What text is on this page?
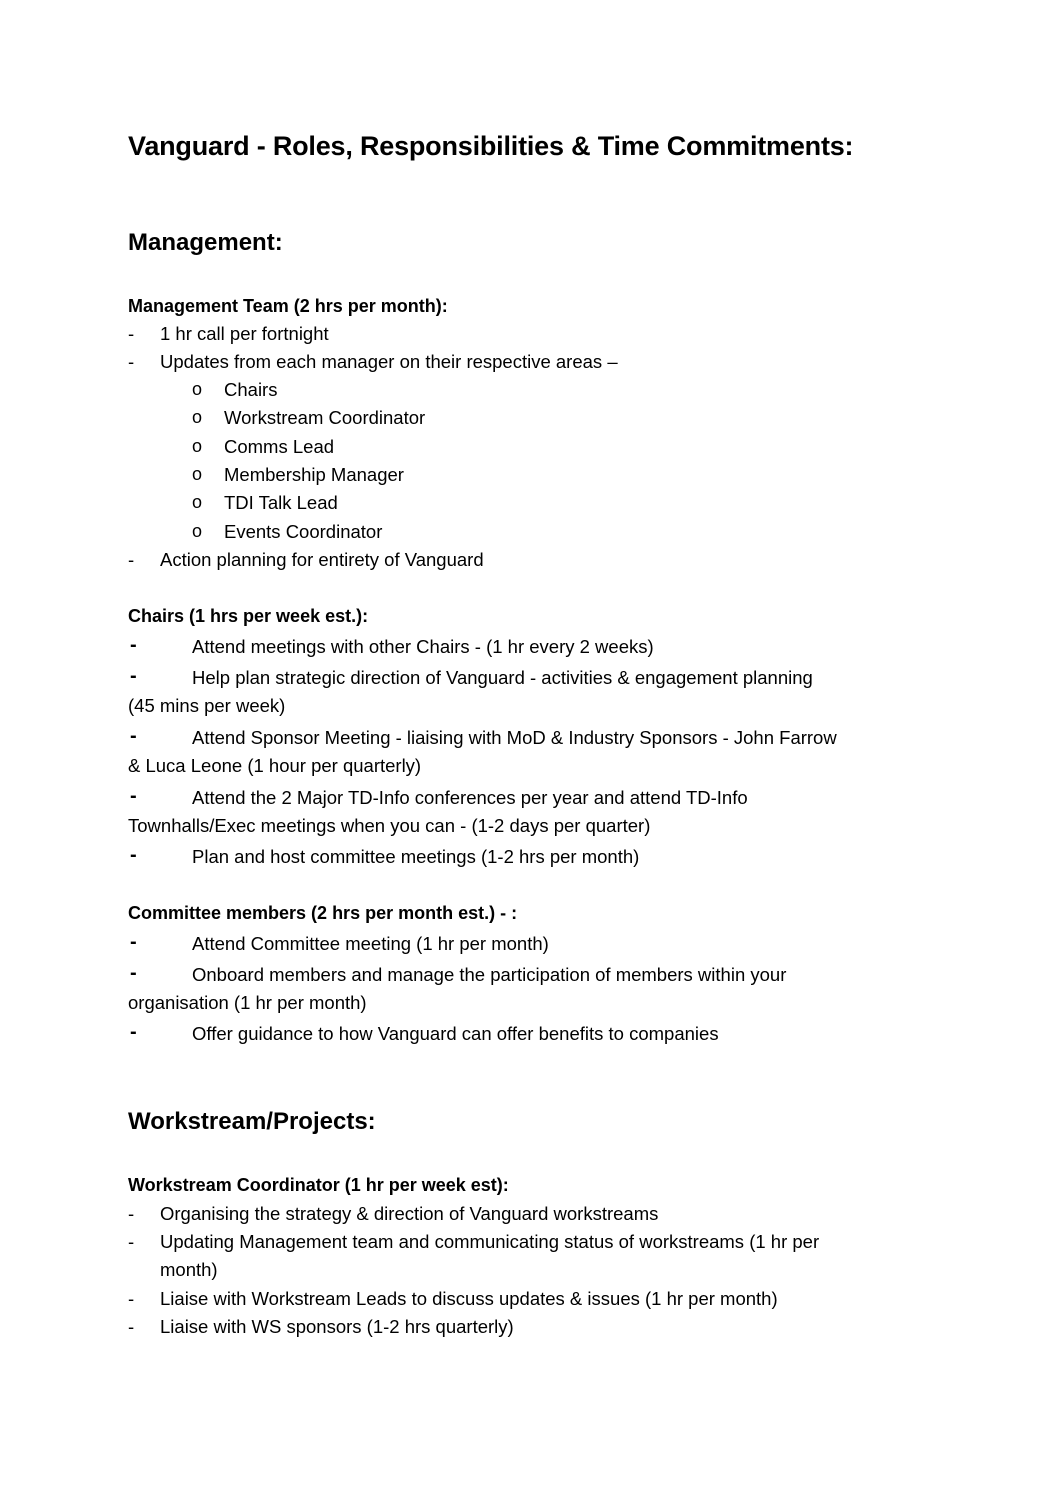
Vanguard - Roles, Responsibilities & Time Commitments:
Management:
Management Team (2 hrs per month):
- 1 hr call per fortnight
- Updates from each manager on their respective areas –
o Chairs
o Workstream Coordinator
o Comms Lead
o Membership Manager
o TDI Talk Lead
o Events Coordinator
- Action planning for entirety of Vanguard
Chairs (1 hrs per week est.):
-	Attend meetings with other Chairs - (1 hr every 2 weeks)
-	Help plan strategic direction of Vanguard - activities & engagement planning
(45 mins per week)
-	Attend Sponsor Meeting - liaising with MoD & Industry Sponsors - John Farrow
& Luca Leone (1 hour per quarterly)
-	Attend the 2 Major TD-Info conferences per year and attend TD-Info
Townhalls/Exec meetings when you can - (1-2 days per quarter)
-	Plan and host committee meetings (1-2 hrs per month)
Committee members (2 hrs per month est.) - :
-	Attend Committee meeting (1 hr per month)
-	Onboard members and manage the participation of members within your
organisation (1 hr per month)
-	Offer guidance to how Vanguard can offer benefits to companies
Workstream/Projects:
Workstream Coordinator (1 hr per week est):
- Organising the strategy & direction of Vanguard workstreams
- Updating Management team and communicating status of workstreams (1 hr per
month)
- Liaise with Workstream Leads to discuss updates & issues (1 hr per month)
- Liaise with WS sponsors (1-2 hrs quarterly)
